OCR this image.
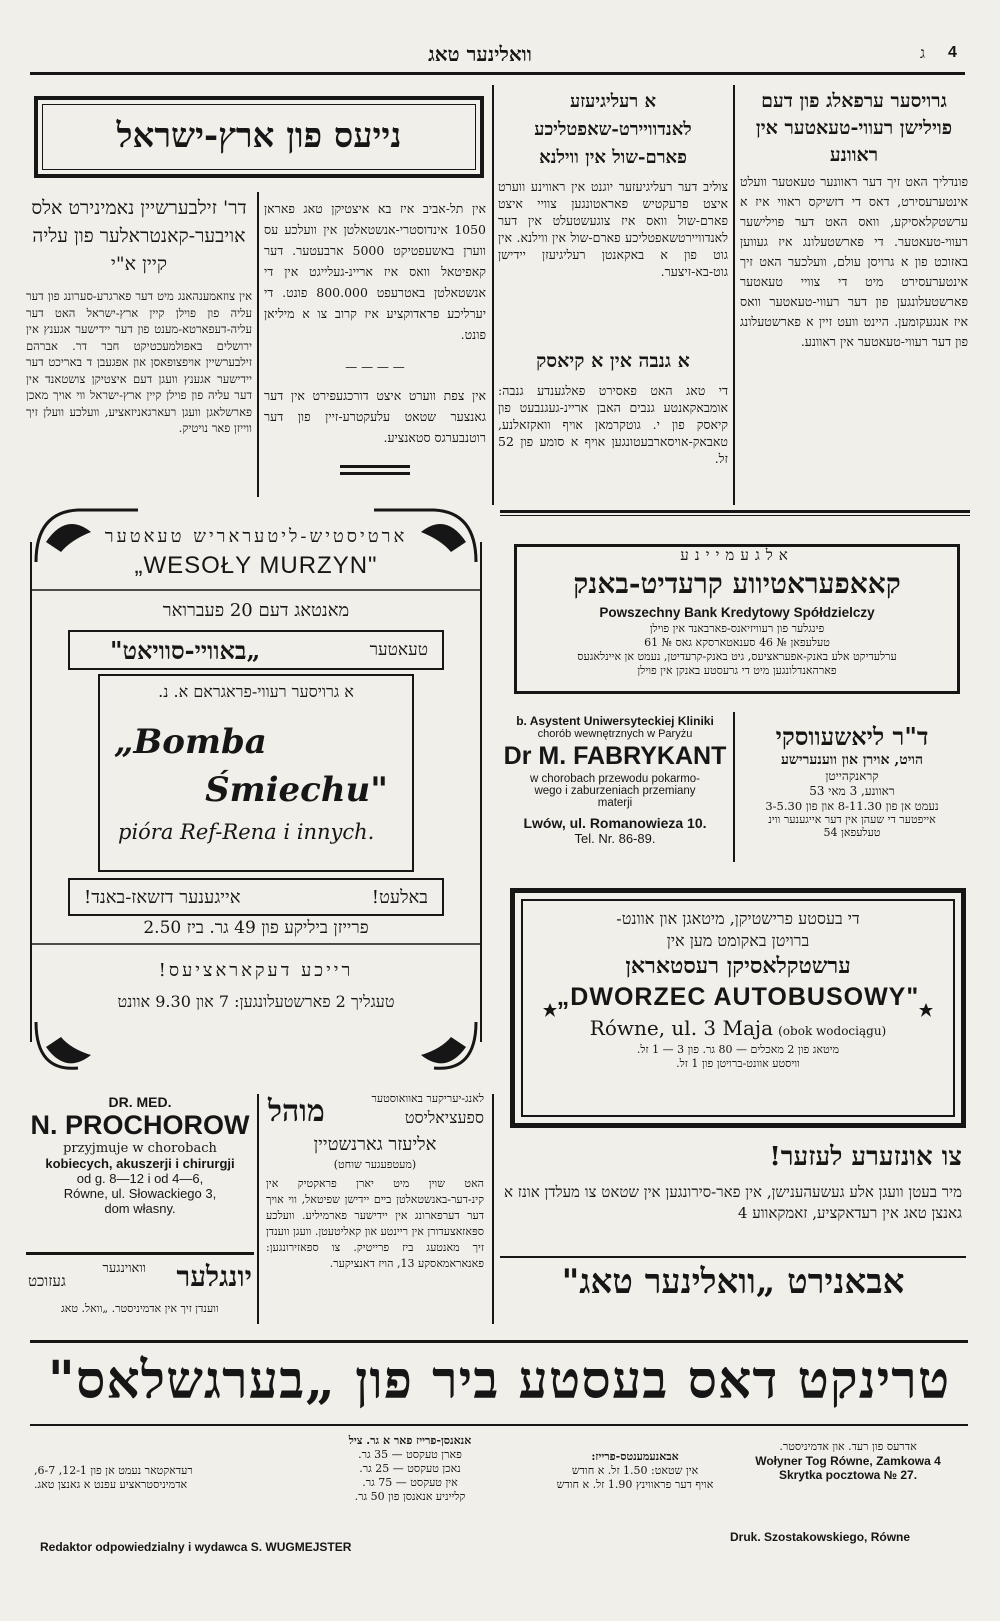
4
ג
וואלינער טאג
גרויסער ערפאלג פון דעם פוילישן רעווי-טעאטער אין ראוונע
פונדליך האט זיך דער ראוונער טעאטער וועלט אינטערעסירט, דאס די דזשיקס ראווי איז א ערשטקלאסיקע, וואס האט דער פוילישער רעווי-טעאטער. די פארשטעלונג איז געווען באזוכט פון א גרויסן עולם, וועלכער האט זיך אינטערעסירט מיט די צוויי טעאטער פארשטעלונגען פון דער רעווי-טעאטער וואס איז אנגעקומען. היינט וועט זיין א פארשטעלונג פון דער רעווי-טעאטער אין ראוונע.
א רעליגיעזע לאנדוויירט-שאפטליכע פארם-שול אין ווילנא
צוליב דער רעליגיעזער יוגנט אין ראווינע ווערט איצט פרעקטיש פאראטונגען צוויי איצט פארם-שול וואס איז צוגעשטעלט אין דער לאנדוויירטשאפטליכע פארם-שול אין ווילנא. אין גוט פון א באקאנטן רעליגיעזן יידישן גוט-בא-זיצער.
א גנבה אין א קיאסק
די טאג האט פאסירט פאלגענדע גנבה: אומבאקאנטע גנבים האבן אריינ-געגנבעט פון קיאסק פון י. גוטקרמאן אויף וואקזאלנע, טאבאק-אויסארבעטונגען אויף א סומע פון 52 זל.
נייעס פון ארץ-ישראל
אין תל-אביב איז בא איצטיקן טאג פאראן 1050 אינדוסטרי-אנשטאלטן אין וועלכע עס ווערן באשעפטיקט 5000 ארבעטער. דער קאפיטאל וואס איז אריינ-געלייגט אין די אנשטאלטן באטרעפט 800.000 פונט. די יערליכע פראדוקציע איז קרוב צו א מיליאן פונט.
— — — —
אין צפת ווערט איצט דורכגעפירט אין דער גאנצער שטאט עלעקטרע-זיין פון דער רוטנבערגס סטאנציע.
דר' זילבערשיין נאמינירט אלס אויבער-קאנטראלער פון עליה קיין א"י
אין צוזאמענהאנג מיט דער פארגרע-סערונג פון דער עליה פון פוילן קיין ארץ-ישראל האט דער עליה-דעפארטא-מענט פון דער יידישער אגענץ אין ירושלים באפולמעכטיקט חבר דר. אברהם זילבערשיין אויפצופאסן און אפגעבן ד באריכט דער יידישער אגענץ וועגן דעם איצטיקן צושטאנד אין דער עליה פון פוילן קיין ארץ-ישראל ווי אויך מאכן פארשלאגן וועגן רעארגאניזאציע, וועלכע וועלן זיך ווייזן פאר נויטיק.
ארטיסטיש-ליטעראריש טעאטער
„WESOŁY MURZYN"
מאנטאג דעם 20 פעברואר
טעאטער
„באוויי-סוויאט"
א גרויסער רעווי-פראגראם א. נ.
„Bomba
Śmiechu"
pióra Ref-Rena i innych.
באלעט!
אייגענער דזשאז-באנד!
פרייזן ביליקע פון 49 גר. ביז 2.50
רייכע דעקאראציעס!
טעגליך 2 פארשטעלונגען: 7 און 9.30 אוונט
אלגעמיינע
קאאפעראטיווע קרעדיט-באנק
Powszechny Bank Kredytowy Spółdzielczy
פינגלער פון רעוויזיאנס-פארבאנד אין פוילן
טעלעפאן № 46 סענאטארסקא גאס № 61
ערלעדיקט אלע באנק-אפעראציעס, גיט באנק-קרעדיטן, נעמט אן איינלאגעס
פארהאנדלונגען מיט די גרעסטע באנקן אין פוילן
b. Asystent Uniwersyteckiej Kliniki
chorób wewnętrznych w Paryżu
Dr M. FABRYKANT
w chorobach przewodu pokarmo-
wego i zaburzeniach przemiany
materji
Lwów, ul. Romanowieza 10.
Tel. Nr. 86-89.
ד"ר ליאשעווסקי
הויט, אוירן און ווענערישע
קראנקהייטן
ראוונע, 3 מאי 53
נעמט אן פון 8-11.30 און פון 3-5.30
אייפטער די שעהן אין דער אייגענער ווינ
טעלעפאן 54
די בעסטע פרישטיקן, מיטאגן און אוונט-
ברויטן באקומט מען אין
ערשטקלאסיקן רעסטאראן
„DWORZEC AUTOBUSOWY"
Równe, ul. 3 Maja (obok wodociągu)
מיטאג פון 2 מאכלים — 80 גר. פון 3 — 1 זל.
וויסטע אוונט-ברויטן פון 1 זל.
צו אונזערע לעזער!
מיר בעטן וועגן אלע געשעהענישן, אין פאר-סירונגען אין שטאט צו מעלדן אונז א גאנצן טאג אין רעדאקציע, זאמקאווע 4
אבאנירט „וואלינער טאג"
DR. MED.
N. PROCHOROW
przyjmuje w chorobach
kobiecych, akuszerji i chirurgji
od g. 8—12 i od 4—6,
Równe, ul. Słowackiego 3,
dom własny.
יונגלער
וואוינגער
געזוכט
ווענדן זיך אין אדמיניסטר. „וואל. טאג
לאנג-יעריקער באוואוסטער
מוהל	ספעציאליסט
אליעזר גארנשטיין
(מעטפעגער שוחט)
האט שוין מיט יארן פראקטיק אין קינ-דער-באנשטאלטן בײם יידישן שפיטאל, ווי אויך דער דערפארונג אין יידישער פארמיליע. וועלכע ספּאזאצעדורן אין ריינטע און קאליטעטן. וועגן ווענדן זיך מאנטעג ביז פרייטיק. צו ספאזירונגען: פאנאראמאסקע 13, הויז דאנציקער.
טרינקט דאס בעסטע ביר פון „בערגשלאס"
אדרעס פון רעד. און אדמיניסטר.
Wołyner Tog Równe, Zamkowa 4
Skrytka pocztowa № 27.
אבאנעמענטס-פרייז:
אין שטאט: 1.50 זל. א חודש
אויף דער פראווינץ 1.90 זל. א חודש
אנאנסן-פרייז פאר א גר. ציל
פארן טעקסט — 35 גר.
נאכן טעקסט — 25 גר.
אין טעקסט — 75 גר.
קלייניע אנאנסן פון 50 גר.
רעדאקטאר נעמט אן פון 12-1, 6-7,
אדמיניסטראציע עפנט א גאנצן טאג.
Druk. Szostakowskiego, Równe
Redaktor odpowiedzialny i wydawca S. WUGMEJSTER
